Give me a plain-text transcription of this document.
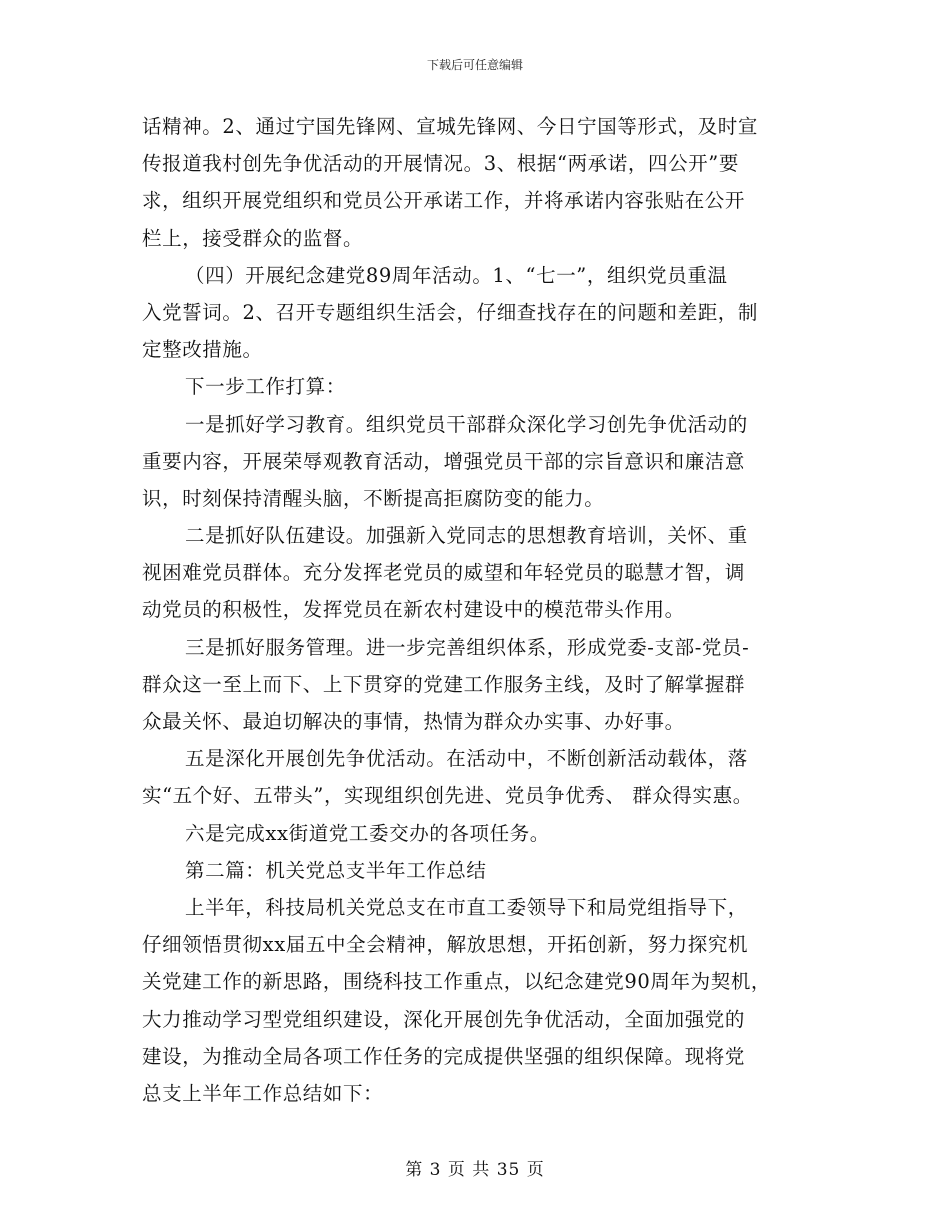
下载后可任意编辑
话精神。2、通过宁国先锋网、宣城先锋网、今日宁国等形式，及时宣
传报道我村创先争优活动的开展情况。3、根据“两承诺，四公开”要
求，组织开展党组织和党员公开承诺工作，并将承诺内容张贴在公开
栏上，接受群众的监督。
（四）开展纪念建党89周年活动。1、“七一”，组织党员重温
入党誓词。2、召开专题组织生活会，仔细查找存在的问题和差距，制
定整改措施。
下一步工作打算：
一是抓好学习教育。组织党员干部群众深化学习创先争优活动的
重要内容，开展荣辱观教育活动，增强党员干部的宗旨意识和廉洁意
识，时刻保持清醒头脑，不断提高拒腐防变的能力。
二是抓好队伍建设。加强新入党同志的思想教育培训，关怀、重
视困难党员群体。充分发挥老党员的威望和年轻党员的聪慧才智，调
动党员的积极性，发挥党员在新农村建设中的模范带头作用。
三是抓好服务管理。进一步完善组织体系，形成党委-支部-党员-
群众这一至上而下、上下贯穿的党建工作服务主线，及时了解掌握群
众最关怀、最迫切解决的事情，热情为群众办实事、办好事。
五是深化开展创先争优活动。在活动中，不断创新活动载体，落
实“五个好、五带头”，实现组织创先进、党员争优秀、 群众得实惠。
六是完成xx街道党工委交办的各项任务。
第二篇：机关党总支半年工作总结
上半年，科技局机关党总支在市直工委领导下和局党组指导下，
仔细领悟贯彻xx届五中全会精神，解放思想，开拓创新，努力探究机
关党建工作的新思路，围绕科技工作重点，以纪念建党90周年为契机，
大力推动学习型党组织建设，深化开展创先争优活动，全面加强党的
建设，为推动全局各项工作任务的完成提供坚强的组织保障。现将党
总支上半年工作总结如下：
第 3 页 共 35 页
